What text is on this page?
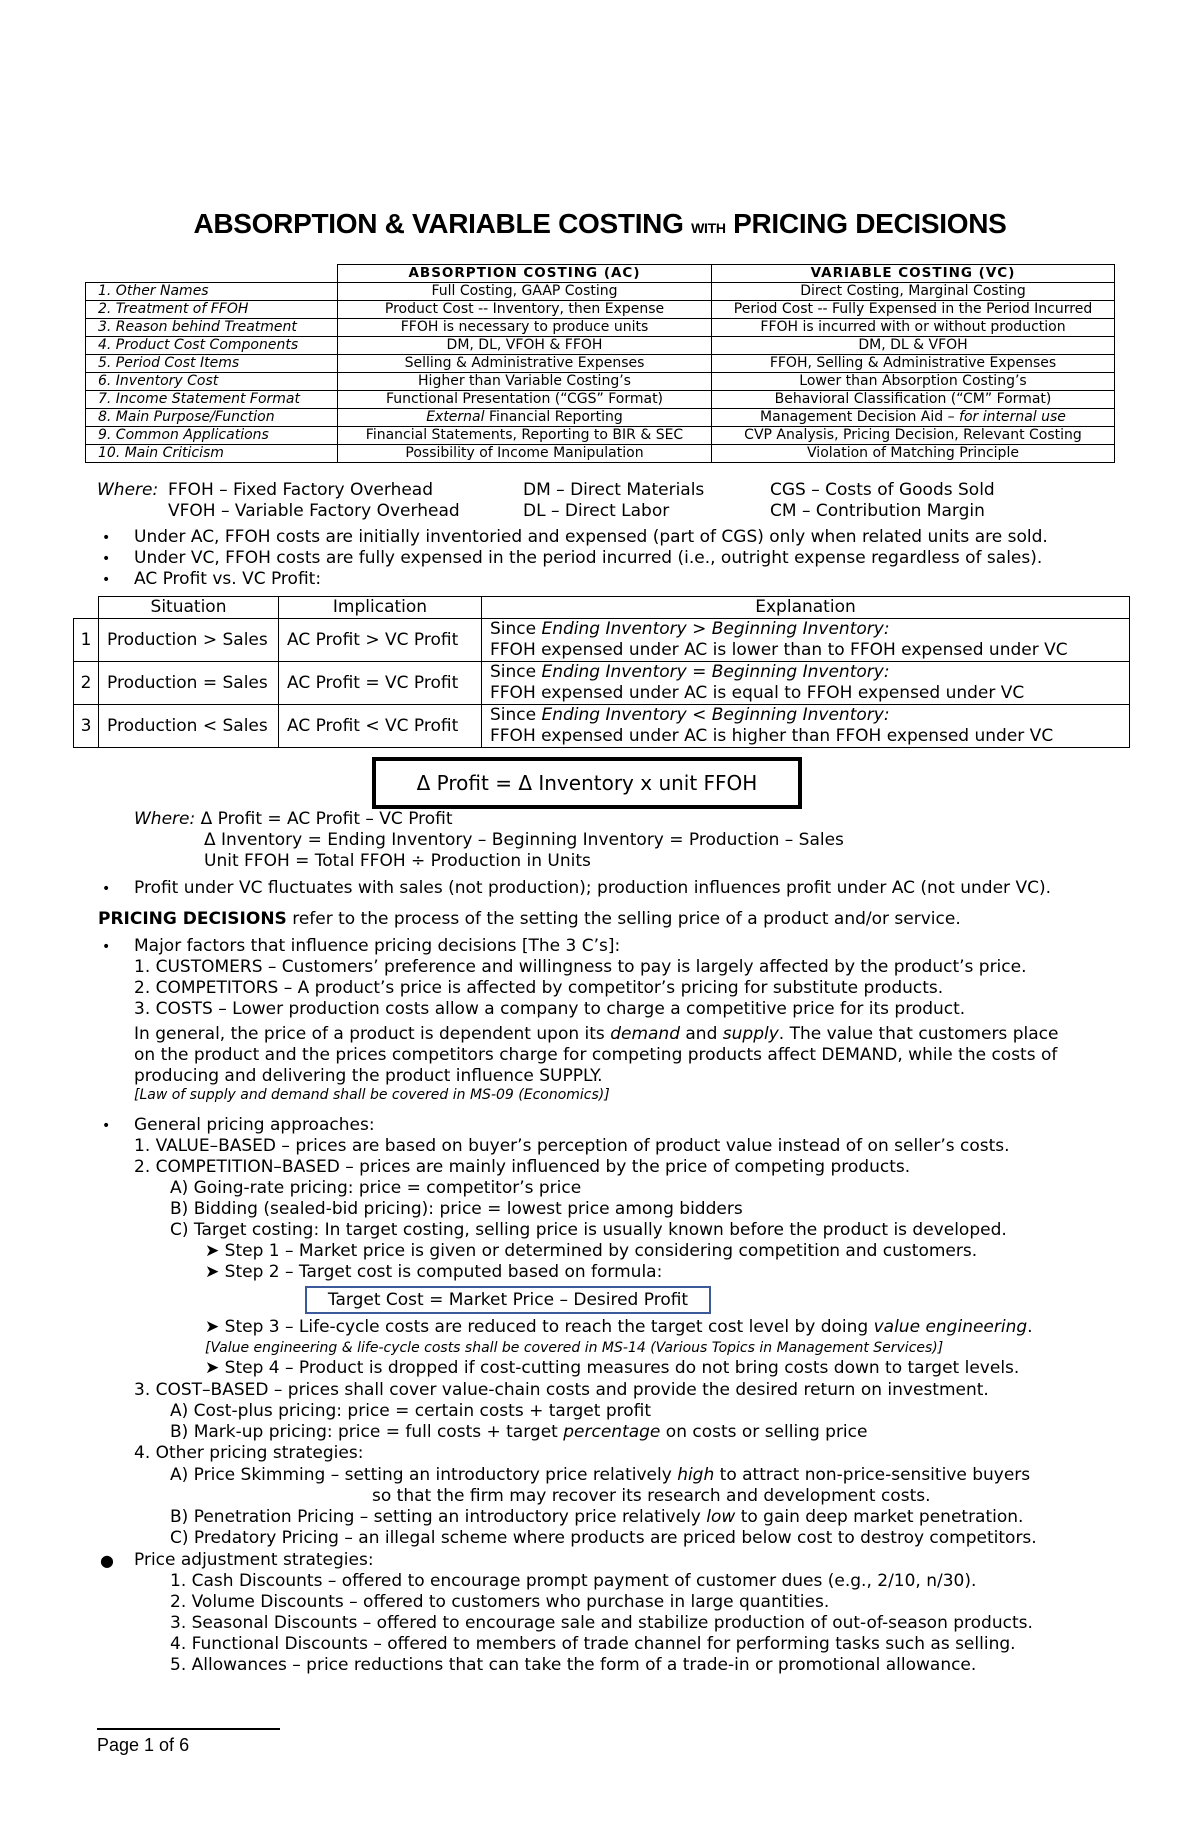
ABSORPTION & VARIABLE COSTING WITH PRICING DECISIONS
	ABSORPTION COSTING (AC)	VARIABLE COSTING (VC)
1. Other Names	Full Costing, GAAP Costing	Direct Costing, Marginal Costing
2. Treatment of FFOH	Product Cost -- Inventory, then Expense	Period Cost -- Fully Expensed in the Period Incurred
3. Reason behind Treatment	FFOH is necessary to produce units	FFOH is incurred with or without production
4. Product Cost Components	DM, DL, VFOH & FFOH	DM, DL & VFOH
5. Period Cost Items	Selling & Administrative Expenses	FFOH, Selling & Administrative Expenses
6. Inventory Cost	Higher than Variable Costing’s	Lower than Absorption Costing’s
7. Income Statement Format	Functional Presentation (“CGS” Format)	Behavioral Classification (“CM” Format)
8. Main Purpose/Function	External Financial Reporting	Management Decision Aid – for internal use
9. Common Applications	Financial Statements, Reporting to BIR & SEC	CVP Analysis, Pricing Decision, Relevant Costing
10. Main Criticism	Possibility of Income Manipulation	Violation of Matching Principle
Where: FFOH – Fixed Factory Overhead
VFOH – Variable Factory Overhead
DM – Direct Materials
DL – Direct Labor
CGS – Costs of Goods Sold
CM – Contribution Margin
• Under AC, FFOH costs are initially inventoried and expensed (part of CGS) only when related units are sold.
• Under VC, FFOH costs are fully expensed in the period incurred (i.e., outright expense regardless of sales).
• AC Profit vs. VC Profit:
	Situation	Implication	Explanation
1	Production > Sales	AC Profit > VC Profit	Since Ending Inventory > Beginning Inventory:
FFOH expensed under AC is lower than to FFOH expensed under VC
2	Production = Sales	AC Profit = VC Profit	Since Ending Inventory = Beginning Inventory:
FFOH expensed under AC is equal to FFOH expensed under VC
3	Production < Sales	AC Profit < VC Profit	Since Ending Inventory < Beginning Inventory:
FFOH expensed under AC is higher than FFOH expensed under VC
Δ Profit = Δ Inventory x unit FFOH
Where: Δ Profit = AC Profit – VC Profit
Δ Inventory = Ending Inventory – Beginning Inventory = Production – Sales
Unit FFOH = Total FFOH ÷ Production in Units
• Profit under VC fluctuates with sales (not production); production influences profit under AC (not under VC).
PRICING DECISIONS refer to the process of the setting the selling price of a product and/or service.
• Major factors that influence pricing decisions [The 3 C’s]:
1. CUSTOMERS – Customers’ preference and willingness to pay is largely affected by the product’s price.
2. COMPETITORS – A product’s price is affected by competitor’s pricing for substitute products.
3. COSTS – Lower production costs allow a company to charge a competitive price for its product.
In general, the price of a product is dependent upon its demand and supply. The value that customers place
on the product and the prices competitors charge for competing products affect DEMAND, while the costs of
producing and delivering the product influence SUPPLY.
[Law of supply and demand shall be covered in MS-09 (Economics)]
• General pricing approaches:
1. VALUE–BASED – prices are based on buyer’s perception of product value instead of on seller’s costs.
2. COMPETITION–BASED – prices are mainly influenced by the price of competing products.
A) Going-rate pricing: price = competitor’s price
B) Bidding (sealed-bid pricing): price = lowest price among bidders
C) Target costing: In target costing, selling price is usually known before the product is developed.
➤ Step 1 – Market price is given or determined by considering competition and customers.
➤ Step 2 – Target cost is computed based on formula:
Target Cost = Market Price – Desired Profit
➤ Step 3 – Life-cycle costs are reduced to reach the target cost level by doing value engineering.
[Value engineering & life-cycle costs shall be covered in MS-14 (Various Topics in Management Services)]
➤ Step 4 – Product is dropped if cost-cutting measures do not bring costs down to target levels.
3. COST–BASED – prices shall cover value-chain costs and provide the desired return on investment.
A) Cost-plus pricing: price = certain costs + target profit
B) Mark-up pricing: price = full costs + target percentage on costs or selling price
4. Other pricing strategies:
A) Price Skimming – setting an introductory price relatively high to attract non-price-sensitive buyers
so that the firm may recover its research and development costs.
B) Penetration Pricing – setting an introductory price relatively low to gain deep market penetration.
C) Predatory Pricing – an illegal scheme where products are priced below cost to destroy competitors.
● Price adjustment strategies:
1. Cash Discounts – offered to encourage prompt payment of customer dues (e.g., 2/10, n/30).
2. Volume Discounts – offered to customers who purchase in large quantities.
3. Seasonal Discounts – offered to encourage sale and stabilize production of out-of-season products.
4. Functional Discounts – offered to members of trade channel for performing tasks such as selling.
5. Allowances – price reductions that can take the form of a trade-in or promotional allowance.
Page 1 of 6
